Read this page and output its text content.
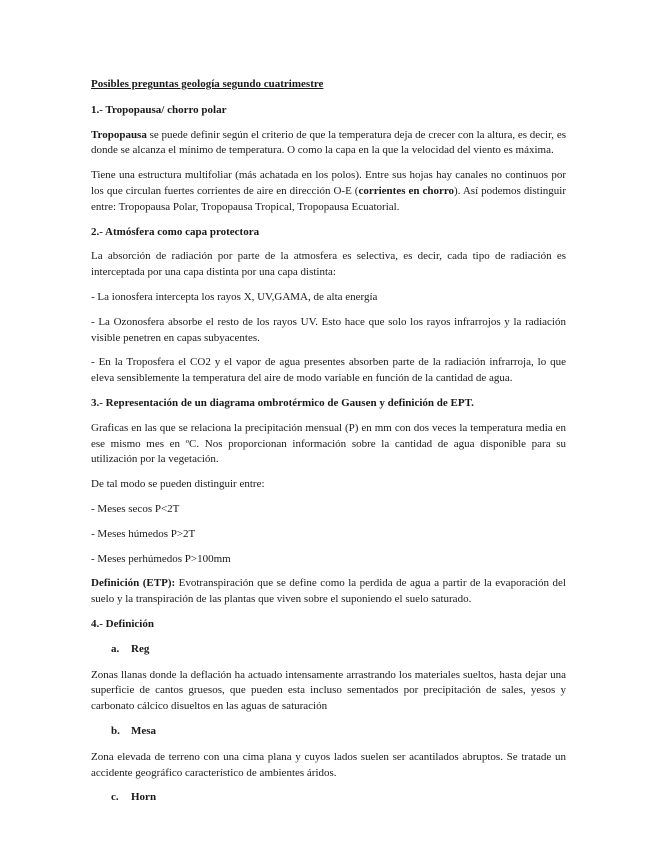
Posibles preguntas geología segundo cuatrimestre

1.- Tropopausa/ chorro polar

Tropopausa se puede definir según el criterio de que la temperatura deja de crecer con la altura, es decir, es donde se alcanza el mínimo de temperatura. O como la capa en la que la velocidad del viento es máxima.

Tiene una estructura multifoliar (más achatada en los polos). Entre sus hojas hay canales no continuos por los que circulan fuertes corrientes de aire en dirección O-E (corrientes en chorro). Así podemos distinguir entre: Tropopausa Polar, Tropopausa Tropical, Tropopausa Ecuatorial.

2.- Atmósfera como capa protectora

La absorción de radiación por parte de la atmosfera es selectiva, es decir, cada tipo de radiación es interceptada por una capa distinta por una capa distinta:

- La ionosfera intercepta los rayos X, UV,GAMA, de alta energía

- La Ozonosfera absorbe el resto de los rayos UV. Esto hace que solo los rayos infrarrojos y la radiación visible penetren en capas subyacentes.

- En la Troposfera el CO2 y el vapor de agua presentes absorben parte de la radiación infrarroja, lo que eleva sensiblemente la temperatura del aire de modo variable en función de la cantidad de agua.

3.- Representación de un diagrama ombrotérmico de Gausen y definición de EPT.

Graficas en las que se relaciona la precipitación mensual (P) en mm con dos veces la temperatura media en ese mismo mes en ºC. Nos proporcionan información sobre la cantidad de agua disponible para su utilización por la vegetación.

De tal modo se pueden distinguir entre:

- Meses secos P<2T

- Meses húmedos P>2T

- Meses perhúmedos P>100mm

Definición (ETP): Evotranspiración que se define como la perdida de agua a partir de la evaporación del suelo y la transpiración de las plantas que viven sobre el suponiendo el suelo saturado.

4.- Definición

a. Reg

Zonas llanas donde la deflación ha actuado intensamente arrastrando los materiales sueltos, hasta dejar una superficie de cantos gruesos, que pueden esta incluso sementados por precipitación de sales, yesos y carbonato cálcico disueltos en las aguas de saturación

b. Mesa

Zona elevada de terreno con una cima plana y cuyos lados suelen ser acantilados abruptos. Se tratade un accidente geográfico característico de ambientes áridos.

c. Horn
